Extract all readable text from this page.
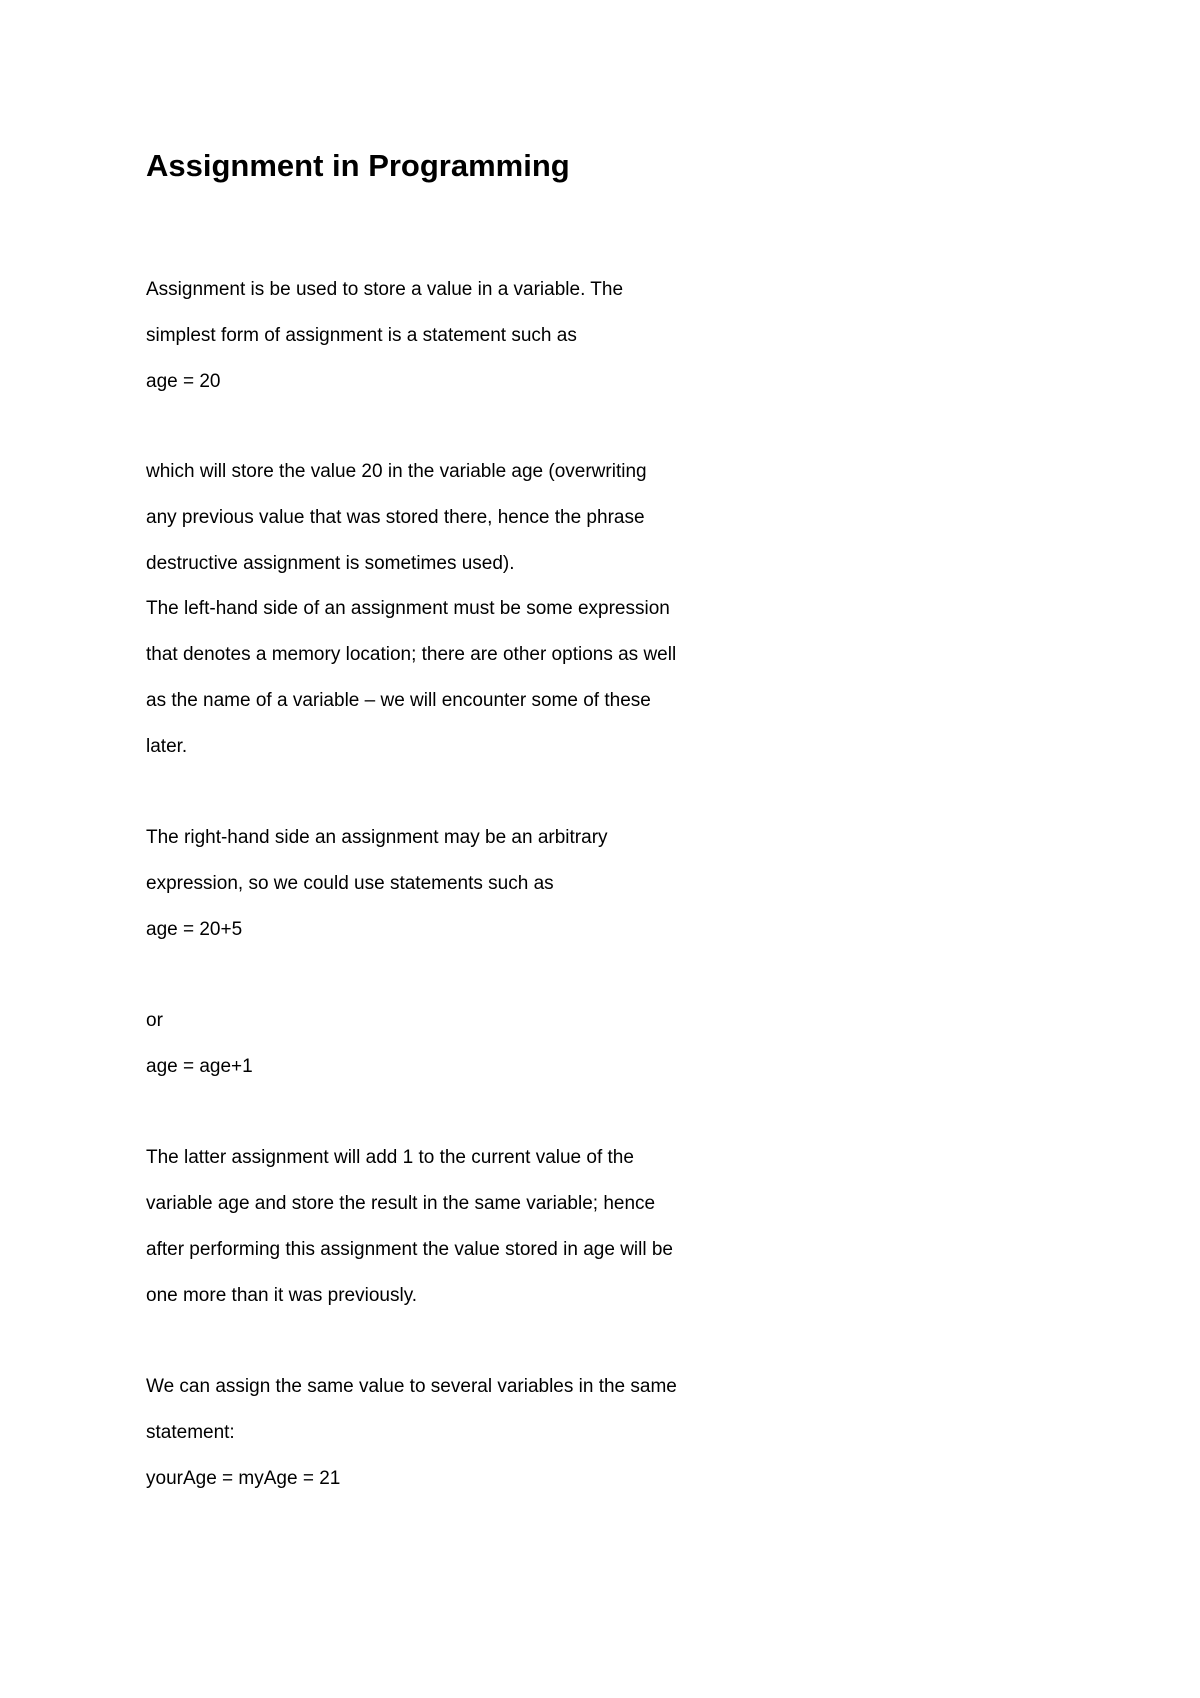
Assignment in Programming

Assignment is be used to store a value in a variable. The

simplest form of assignment is a statement such as

age = 20

which will store the value 20 in the variable age (overwriting

any previous value that was stored there, hence the phrase

destructive assignment is sometimes used).

The left-hand side of an assignment must be some expression

that denotes a memory location; there are other options as well

as the name of a variable – we will encounter some of these

later.

The right-hand side an assignment may be an arbitrary

expression, so we could use statements such as

age = 20+5

or

age = age+1

The latter assignment will add 1 to the current value of the

variable age and store the result in the same variable; hence

after performing this assignment the value stored in age will be

one more than it was previously.

We can assign the same value to several variables in the same

statement:

yourAge = myAge = 21
